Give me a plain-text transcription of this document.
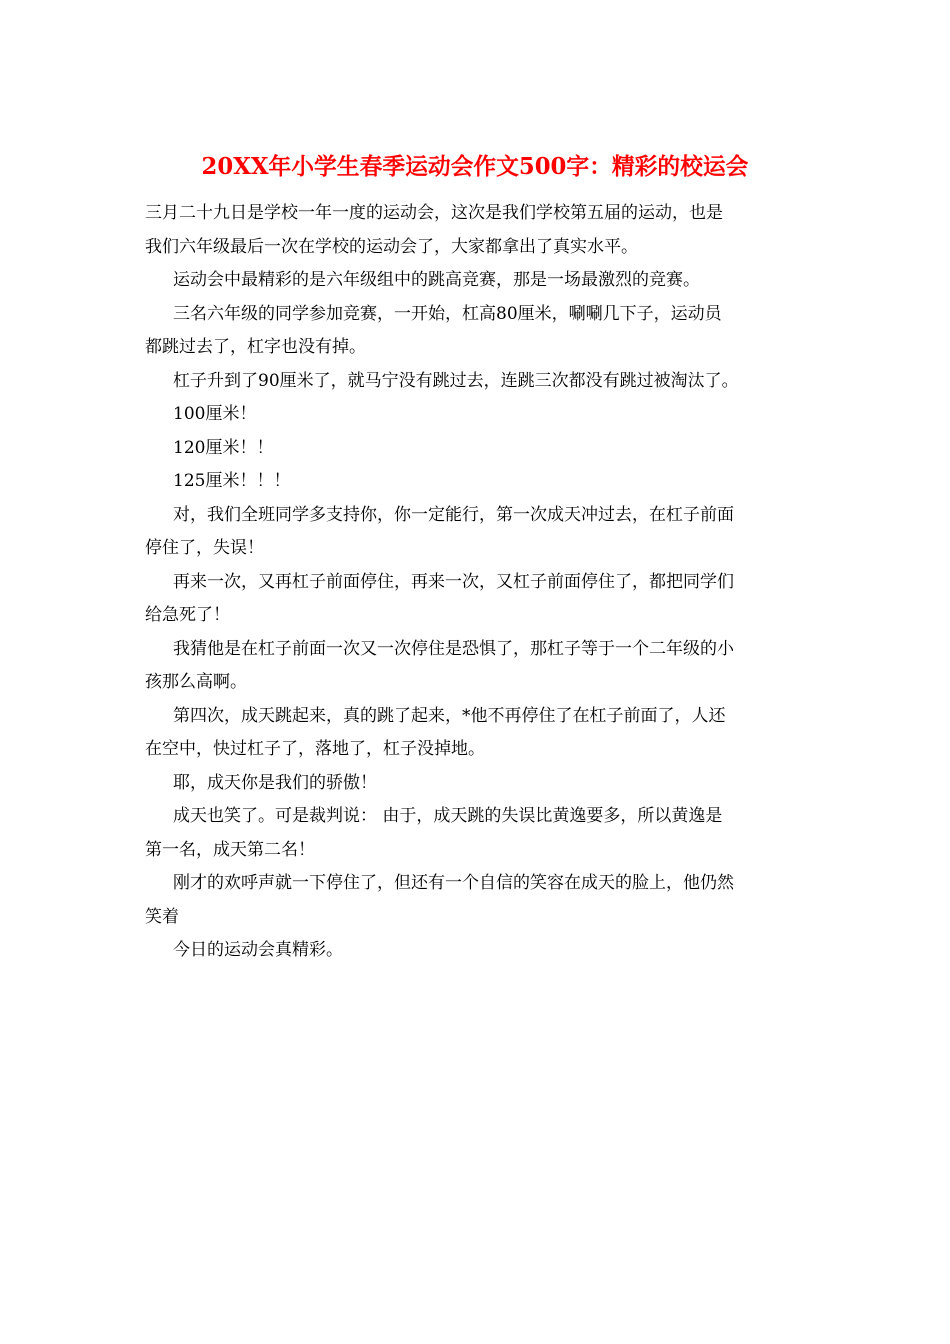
20XX年小学生春季运动会作文500字：精彩的校运会
三月二十九日是学校一年一度的运动会，这次是我们学校第五届的运动，也是
我们六年级最后一次在学校的运动会了，大家都拿出了真实水平。
运动会中最精彩的是六年级组中的跳高竞赛，那是一场最激烈的竞赛。
三名六年级的同学参加竞赛，一开始，杠高80厘米，唰唰几下子，运动员
都跳过去了，杠字也没有掉。
杠子升到了90厘米了，就马宁没有跳过去，连跳三次都没有跳过被淘汰了。
100厘米！
120厘米！！
125厘米！！！
对，我们全班同学多支持你，你一定能行，第一次成天冲过去，在杠子前面
停住了，失误！
再来一次，又再杠子前面停住，再来一次，又杠子前面停住了，都把同学们
给急死了！
我猜他是在杠子前面一次又一次停住是恐惧了，那杠子等于一个二年级的小
孩那么高啊。
第四次，成天跳起来，真的跳了起来，*他不再停住了在杠子前面了，人还
在空中，快过杠子了，落地了，杠子没掉地。
耶，成天你是我们的骄傲！
成天也笑了。可是裁判说： 由于，成天跳的失误比黄逸要多，所以黄逸是
第一名，成天第二名！
刚才的欢呼声就一下停住了，但还有一个自信的笑容在成天的脸上，他仍然
笑着
今日的运动会真精彩。
